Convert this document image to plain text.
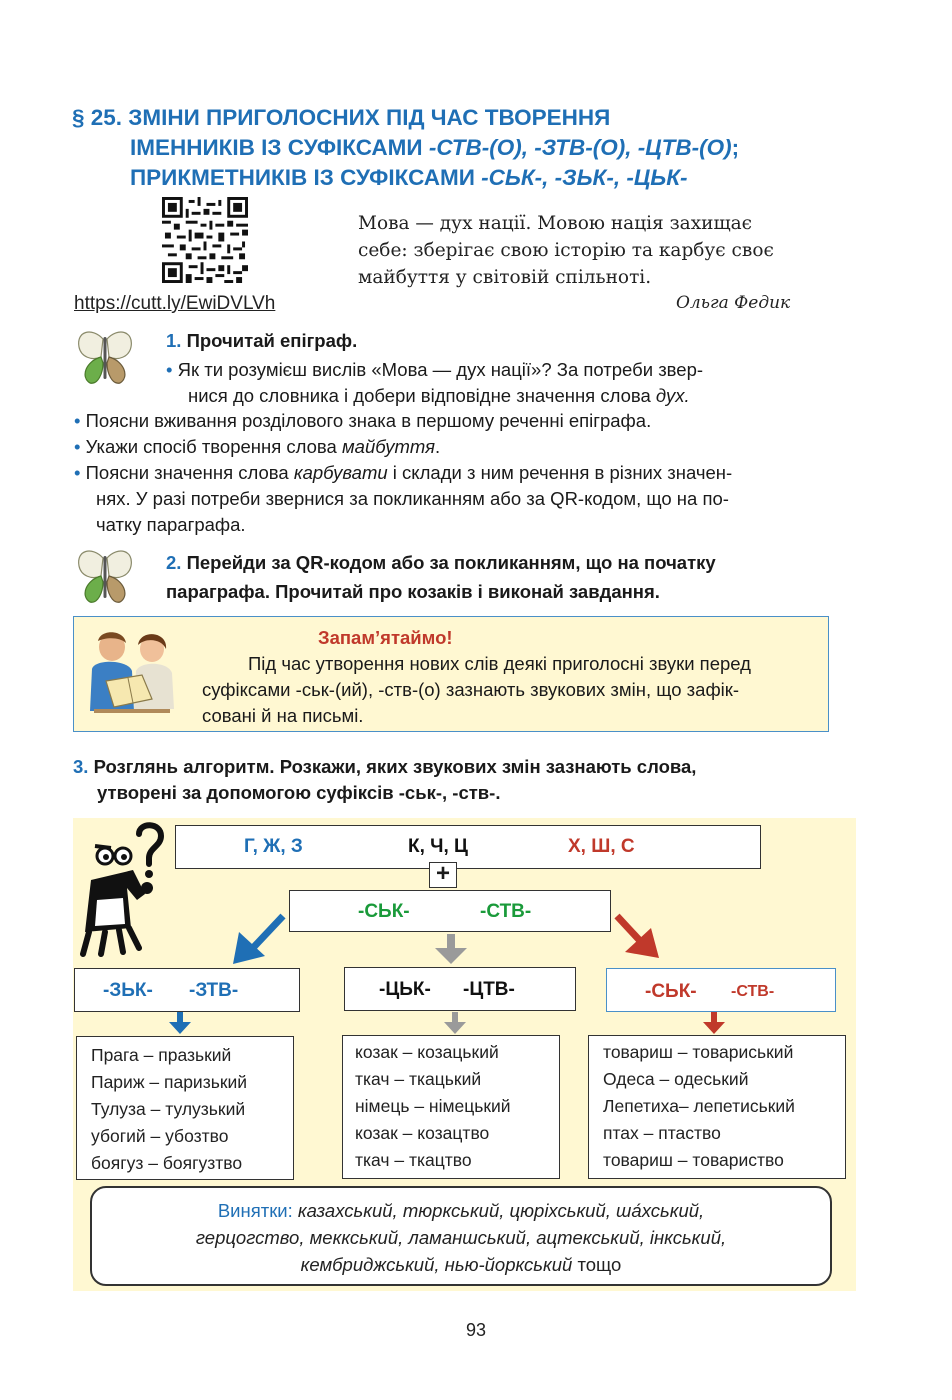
§ 25. ЗМІНИ ПРИГОЛОСНИХ ПІД ЧАС ТВОРЕННЯ
ІМЕННИКІВ ІЗ СУФІКСАМИ -СТВ-(О), -ЗТВ-(О), -ЦТВ-(О);
ПРИКМЕТНИКІВ ІЗ СУФІКСАМИ -СЬК-, -ЗЬК-, -ЦЬК-
https://cutt.ly/EwiDVLVh
Мова — дух нації. Мовою нація захищає
себе: зберігає свою історію та карбує своє
майбуття у світовій спільноті.
Ольга Федик
1. Прочитай епіграф.
• Як ти розумієш вислів «Мова — дух нації»? За потреби звер-
нися до словника і добери відповідне значення слова дух.
• Поясни вживання розділового знака в першому реченні епіграфа.
• Укажи спосіб творення слова майбуття.
• Поясни значення слова карбувати і склади з ним речення в різних значен-
нях. У разі потреби звернися за покликанням або за QR-кодом, що на по-
чатку параграфа.
2. Перейди за QR-кодом або за покликанням, що на початку
параграфа. Прочитай про козаків і виконай завдання.
Запам’ятаймо!
Під час утворення нових слів деякі приголосні звуки перед
суфіксами -ськ-(ий), -ств-(о) зазнають звукових змін, що зафік-
совані й на письмі.
3. Розглянь алгоритм. Розкажи, яких звукових змін зазнають слова,
утворені за допомогою суфіксів -ськ-, -ств-.
Г, Ж, З	К, Ч, Ц	Х, Ш, С
+
-СЬК-	-СТВ-
-ЗЬК- -ЗТВ-	-ЦЬК- -ЦТВ-	-СЬК- -СТВ-
Прага – празький
Париж – паризький
Тулуза – тулузький
убогий – убозтво
боягуз – боягузтво
козак – козацький
ткач – ткацький
німець – німецький
козак – козацтво
ткач – ткацтво
товариш – товариський
Одеса – одеський
Лепетиха– лепетиський
птах – птаство
товариш – товариство
Винятки: казахський, тюркський, цюріхський, ша́хський,
герцогство, меккський, ламаншський, ацтекський, інкський,
кембриджський, нью-йоркський тощо
93
